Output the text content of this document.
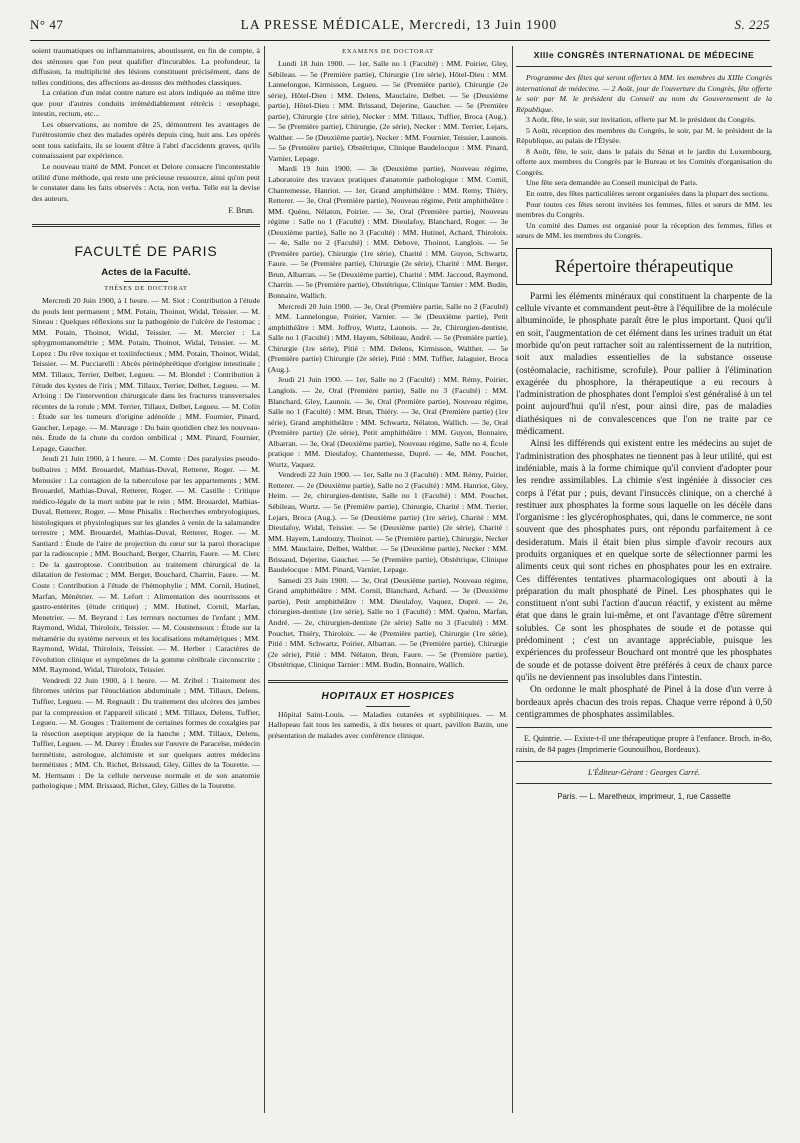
N° 47	LA PRESSE MÉDICALE, Mercredi, 13 Juin 1900	S. 225

soient traumatiques ou inflammatoires, aboutissent, en fin de compte, à des sténoses que l'on peut qualifier d'incurables. La profondeur, la diffusion, la multiplicité des lésions constituent précisément, dans de telles conditions, des affections au-dessus des méthodes classiques.

La création d'un méat contre nature est alors indiquée au même titre que pour d'autres conduits irrémédiablement rétrécis : œsophage, intestin, rectum, etc...

Les observations, au nombre de 25, démontrent les avantages de l'urétrostomie chez des malades opérés depuis cinq, huit ans. Les opérés sont tous satisfaits, ils se louent d'être à l'abri d'accidents graves, qu'ils connaissaient par expérience.

Le nouveau traité de MM. Poncet et Delore consacre l'incontestable utilité d'une méthode, qui reste une précieuse ressource, ainsi qu'on peut le constater dans les faits observés : Acta, non verba. Telle est la devise des auteurs.

F. Brun.

FACULTÉ DE PARIS

Actes de la Faculté.

THÈSES DE DOCTORAT

Mercredi 20 Juin 1900, à 1 heure. — M. Siot : Contribution à l'étude du pouls lent permanent ; MM. Potain, Thoinot, Widal, Teissier. — M. Sineau : Quelques réflexions sur la pathogénie de l'ulcère de l'estomac ; MM. Potain, Thoinot, Widal, Teissier. — M. Mercier : La sphygmomanométrie ; MM. Potain, Thoinot, Widal, Teissier. — M. Lopez : Du rêve toxique et toxiinfectieux ; MM. Potain, Thoinot, Widal, Teissier. — M. Pucciarelli : Abcès périnéphrétique d'origine intestinale ; MM. Tillaux, Terrier, Delbet, Legueu. — M. Blondel : Contribution à l'étude des kystes de l'iris ; MM. Tillaux, Terrier, Delbet, Legueu. — M. Arloing : De l'intervention chirurgicale dans les fractures transversales récentes de la rotule ; MM. Terrier, Tillaux, Delbet, Legueu. — M. Colin : Étude sur les tumeurs d'origine adénoïde ; MM. Fournier, Pinard, Gaucher, Lepage. — M. Manrage : Du bain quotidien chez les nouveau-nés. Étude de la chute du cordon ombilical ; MM. Pinard, Fournier, Lepage, Gaucher.

Jeudi 21 Juin 1900, à 1 heure. — M. Comte : Des paralysies pseudo-bulbaires ; MM. Brouardel, Mathias-Duval, Retterer, Roger. — M. Menusier : La contagion de la tuberculose par les appartements ; MM. Brouardel, Mathias-Duval, Retterer, Roger. — M. Castille : Critique médico-légale de la mort subite par le rein ; MM. Brouardel, Mathias-Duval, Retterer, Roger. — Mme Phisalix : Recherches embryologiques, histologiques et physiologiques sur les glandes à venin de la salamandre terrestre ; MM. Brouardel, Mathias-Duval, Retterer, Roger. — M. Santiard : Étude de l'aire de projection du cœur sur la paroi thoracique par la radioscopie ; MM. Bouchard, Berger, Charrin, Faure. — M. Clerc : De la gastroptose. Contribution au traitement chirurgical de la dilatation de l'estomac ; MM. Berger, Bouchard, Charrin, Faure. — M. Coste : Contribution à l'étude de l'hémophylie ; MM. Cornil, Hutinel, Marfan, Ménétrier. — M. Lefort : Alimentation des nourrissons et gastro-entérites (étude critique) ; MM. Hutinel, Cornil, Marfan, Menetrier. — M. Beyrand : Les terreurs nocturnes de l'enfant ; MM. Raymond, Widal, Thiroloix, Teissier. — M. Coustensoux : Étude sur la métamérie du système nerveux et les localisations métamériques ; MM. Raymond, Widal, Thiroloix, Teissier. — M. Herber : Caractères de l'évolution clinique et symptômes de la gomme cérébrale circonscrite ; MM. Raymond, Widal, Thiroloix, Teissier.

Vendredi 22 Juin 1900, à 1 heure. — M. Zribel : Traitement des fibromes utérins par l'énucléation abdominale ; MM. Tillaux, Delens, Tuffier, Legueu. — M. Regnault : Du traitement des ulcères des jambes par la compression et l'appareil silicaté ; MM. Tillaux, Delens, Tuffier, Legueu. — M. Gouges : Traitement de certaines formes de coxalgies par la résection aseptique atypique de la hanche ; MM. Tillaux, Delens, Tuffier, Legueu. — M. Durey : Études sur l'œuvre de Paracelse, médecin hermétiste, astrologue, alchimiste et sur quelques autres médecins hermétistes ; MM. Ch. Richet, Brissaud, Gley, Gilles de la Tourette. — M. Hermann : De la cellule nerveuse normale et de son anatomie pathologique ; MM. Brissaud, Richet, Gley, Gilles de la Tourette.

EXAMENS DE DOCTORAT

Lundi 18 Juin 1900. — 1er, Salle no 1 (Faculté) : MM. Poirier, Gley, Sébileau. — 5e (Première partie), Chirurgie (1re série), Hôtel-Dieu : MM. Lannelongue, Kirmisson, Legueu. — 5e (Première partie), Chirurgie (2e série), Hôtel-Dieu : MM. Delens, Mauclaire, Delbet. — 5e (Deuxième partie), Hôtel-Dieu : MM. Brissaud, Dejerine, Gaucher. — 5e (Première partie), Chirurgie (1re série), Necker : MM. Tillaux, Tuffier, Broca (Aug.). — 5e (Première partie), Chirurgie, (2e série), Necker : MM. Terrier, Lejars, Walther. — 5e (Deuxième partie), Necker : MM. Fournier, Teissier, Launois. — 5e (Première partie), Obstétrique, Clinique Baudelocque : MM. Pinard, Varnier, Lepage.

Mardi 19 Juin 1900. — 3e (Deuxième partie), Nouveau régime, Laboratoire des travaux pratiques d'anatomie pathologique : MM. Cornil, Chantemesse, Hanriot. — 1er, Grand amphithéâtre : MM. Remy, Thiéry, Retterer. — 3e, Oral (Première partie), Nouveau régime, Petit amphithéâtre : MM. Quénu, Nélaton, Poirier. — 3e, Oral (Première partie), Nouveau régime : Salle no 1 (Faculté) : MM. Dieulafoy, Blanchard, Roger. — 3e (Deuxième partie), Salle no 3 (Faculté) : MM. Hutinel, Achard, Thiroloix. — 4e, Salle no 2 (Faculté) : MM. Debove, Thoinot, Langlois. — 5e (Première partie), Chirurgie (1re série), Charité : MM. Guyon, Schwartz, Faure. — 5e (Première partie), Chirurgie (2e série), Charité : MM. Berger, Brun, Albarran. — 5e (Deuxième partie), Charité : MM. Jaccoud, Raymond, Charrin. — 5e (Première partie), Obstétrique, Clinique Tarnier : MM. Budin, Bonnaire, Wallich.

Mercredi 20 Juin 1900. — 3e, Oral (Première partie, Salle no 2 (Faculté) : MM. Lannelongue, Poirier, Varnier. — 3e (Deuxième partie), Petit amphithéâtre : MM. Joffroy, Wurtz, Launois. — 2e, Chirurgien-dentiste, Salle no 1 (Faculté) : MM. Hayem, Sébileau, André. — 5e (Première partie), Chirurgie (1re série), Pitié : MM. Delens, Kirmisson, Walther. — 5e (Première partie) Chirurgie (2e série), Pitié : MM. Tuffier, Jalaguier, Broca (Aug.).

Jeudi 21 Juin 1900. — 1er, Salle no 2 (Faculté) : MM. Rémy, Poirier, Langlois. — 2e, Oral (Première partie), Salle no 3 (Faculté) : MM. Blanchard, Gley, Launois. — 3e, Oral (Première partie), Nouveau régime, Salle no 1 (Faculté) : MM. Brun, Thiéry. — 3e, Oral (Première partie) (1re série), Grand amphithéâtre : MM. Schwartz, Nélaton, Wallich. — 3e, Oral (Première partie) (2e série), Petit amphithéâtre : MM. Guyon, Bonnaire, Albarran. — 3e, Oral (Deuxième partie), Nouveau régime, Salle no 4, École pratique : MM. Dieulafoy, Chantemesse, Dupré. — 4e, MM. Pouchet, Wurtz, Vaquez.

Vendredi 22 Juin 1900. — 1er, Salle no 3 (Faculté) : MM. Rémy, Poirier, Retterer. — 2e (Deuxième partie), Salle no 2 (Faculté) : MM. Hanriot, Gley, Heim. — 2e, chirurgien-dentiste, Salle no 1 (Faculté) : MM. Pouchet, Sébileau, Wurtz. — 5e (Première partie), Chirurgie, Charité : MM. Terrier, Lejars, Broca (Aug.). — 5e (Deuxième partie) (1re série), Charité : MM. Dieulafoy, Widal, Teissier. — 5e (Deuxième partie) (2e série), Charité : MM. Hayem, Landouzy, Thoinot. — 5e (Première partie), Chirurgie, Necker : MM. Mauclaire, Delbet, Walther. — 5e (Deuxième partie), Necker : MM. Brissaud, Dejerine, Gaucher. — 5e (Première partie), Obstétrique, Clinique Baudelocque : MM. Pinard, Varnier, Lepage.

Samedi 23 Juin 1900. — 3e, Oral (Deuxième partie), Nouveau régime, Grand amphithéâtre : MM. Cornil, Blanchard, Achard. — 3e (Deuxième partie), Petit amphithéâtre : MM. Dieulafoy, Vaquez, Dupré. — 2e, chirurgien-dentiste (1re série), Salle no 1 (Faculté) : MM. Quénu, Marfan, André. — 2e, chirurgien-dentiste (2e série) Salle no 3 (Faculté) : MM. Pouchet, Thiéry, Thiroloix. — 4e (Première partie), Chirurgie (1re série), Pitié : MM. Schwartz, Poirier, Albarran. — 5e (Première partie), Chirurgie (2e série), Pitié : MM. Nélaton, Brun, Faure. — 5e (Première partie), Obstétrique, Clinique Tarnier : MM. Budin, Bonnaire, Wallich.

HOPITAUX ET HOSPICES

Hôpital Saint-Louis. — Maladies cutanées et syphilitiques. — M. Hallopeau fait tous les samedis, à dix heures et quart, pavillon Bazin, une présentation de malades avec conférence clinique.

XIIIe CONGRÈS INTERNATIONAL DE MÉDECINE

Programme des fêtes qui seront offertes à MM. les membres du XIIIe Congrès international de médecine. — 2 Août, jour de l'ouverture du Congrès, fête offerte le soir par M. le président du Conseil au nom du Gouvernement de la République.

3 Août, fête, le soir, sur invitation, offerte par M. le président du Congrès.

5 Août, réception des membres du Congrès, le soir, par M. le président de la République, au palais de l'Élysée.

8 Août, fête, le soir, dans le palais du Sénat et le jardin du Luxembourg, offerte aux membres du Congrès par le Bureau et les Comités d'organisation du Congrès.

Une fête sera demandée au Conseil municipal de Paris.

En outre, des fêtes particulières seront organisées dans la plupart des sections.

Pour toutes ces fêtes seront invitées les femmes, filles et sœurs de MM. les membres du Congrès.

Un comité des Dames est organisé pour la réception des femmes, filles et sœurs de MM. les membres du Congrès.

Répertoire thérapeutique

Parmi les éléments minéraux qui constituent la charpente de la cellule vivante et commandent peut-être à l'équilibre de la molécule albuminoïde, le phosphate paraît être le plus important. Quoi qu'il en soit, l'augmentation de cet élément dans les urines traduit un état morbide qu'on peut rattacher soit au ralentissement de la nutrition, soit aux maladies essentielles de la substance osseuse (ostéomalacie, rachitisme, scrofule). Pour pallier à l'élimination exagérée du phosphore, la thérapeutique a eu recours à l'administration de phosphates dont l'emploi s'est généralisé à un tel point aujourd'hui qu'il n'est, pour ainsi dire, pas de maladies diathésiques ni de convalescences que l'on ne traite par ce médicament.

Ainsi les différends qui existent entre les médecins au sujet de l'administration des phosphates ne tiennent pas à leur utilité, qui est indéniable, mais à la forme chimique qu'il convient d'adopter pour les rendre assimilables. La chimie s'est ingéniée à dissocier ces corps à l'état pur ; puis, devant l'insuccès clinique, on a cherché à restituer aux phosphates la forme sous laquelle on les décèle dans l'organisme : les glycérophosphates, qui, dans le commerce, ne sont souvent que des phosphates purs, ont répondu parfaitement à ce desideratum. Mais il était bien plus simple d'avoir recours aux produits organiques et en quelque sorte de sélectionner parmi les aliments ceux qui sont riches en phosphates pour les en extraire. Ces différentes tentatives pharmacologiques ont abouti à la préparation du malt phosphaté de Pinel. Les phosphates qui le constituent n'ont subi l'action d'aucun réactif, y existent au même état que dans le grain lui-même, et ont l'avantage d'être sûrement solubles. Ce sont les phosphates de soude et de potasse qui prédominent ; c'est un avantage appréciable, puisque les expériences du professeur Bouchard ont montré que les phosphates de soude et de potasse doivent être préférés à ceux de chaux parce qu'ils ne deviennent pas insolubles dans l'intestin.

On ordonne le malt phosphaté de Pinel à la dose d'un verre à bordeaux après chacun des trois repas. Chaque verre répond à 0,50 centigrammes de phosphates assimilables.

E. Quintrie. — Existe-t-il une thérapeutique propre à l'enfance. Broch. in-8o, raisin, de 84 pages (Imprimerie Gounouilhou, Bordeaux).

L'Éditeur-Gérant : Georges Carré.

Paris. — L. Maretheux, imprimeur, 1, rue Cassette
